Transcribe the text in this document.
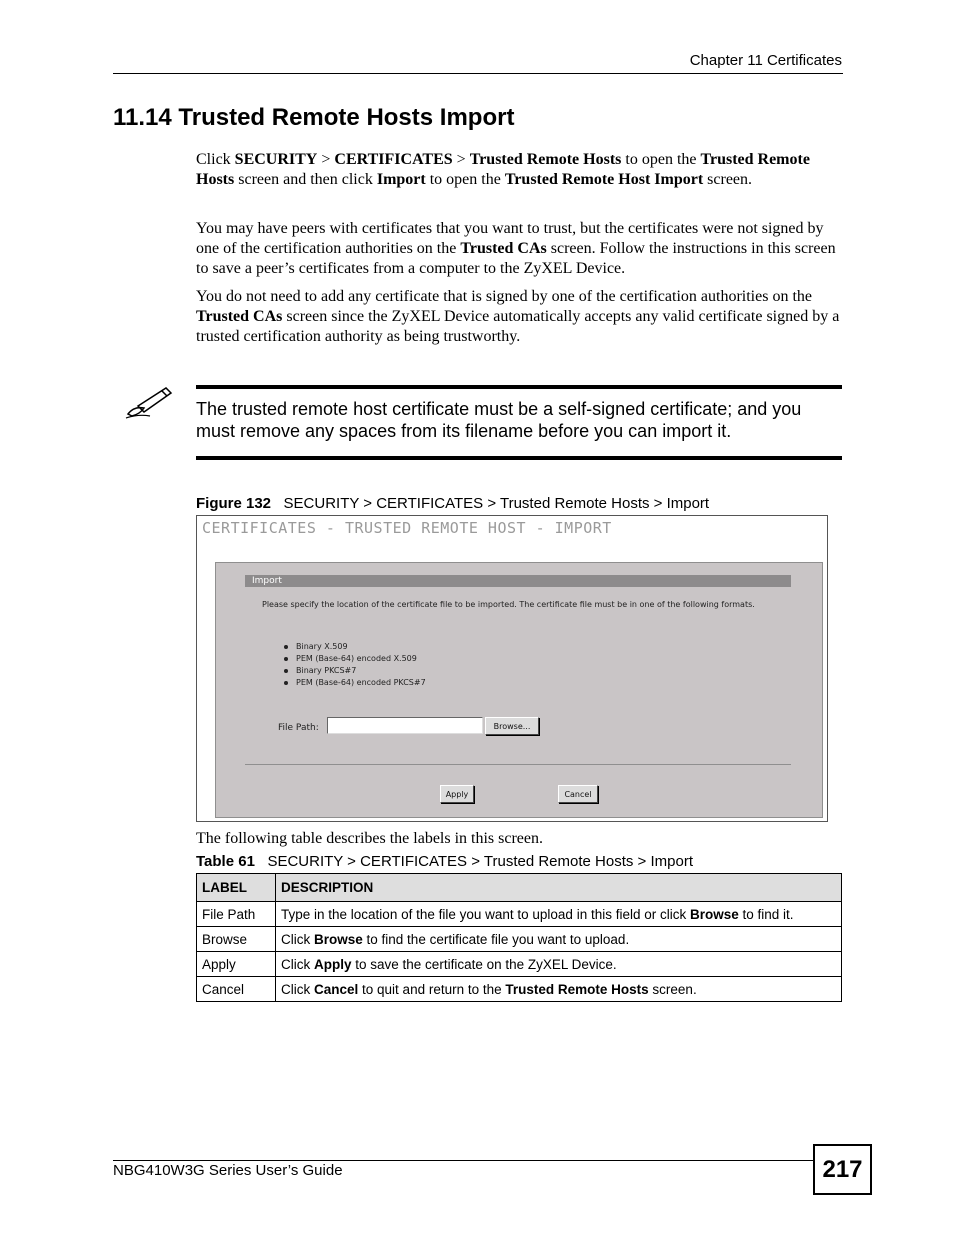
Chapter 11 Certificates
11.14 Trusted Remote Hosts Import

Click SECURITY > CERTIFICATES > Trusted Remote Hosts to open the Trusted Remote Hosts screen and then click Import to open the Trusted Remote Host Import screen.

You may have peers with certificates that you want to trust, but the certificates were not signed by one of the certification authorities on the Trusted CAs screen. Follow the instructions in this screen to save a peer’s certificates from a computer to the ZyXEL Device.

You do not need to add any certificate that is signed by one of the certification authorities on the Trusted CAs screen since the ZyXEL Device automatically accepts any valid certificate signed by a trusted certification authority as being trustworthy.

The trusted remote host certificate must be a self-signed certificate; and you must remove any spaces from its filename before you can import it.

Figure 132 SECURITY > CERTIFICATES > Trusted Remote Hosts > Import

CERTIFICATES - TRUSTED REMOTE HOST - IMPORT
Import

Please specify the location of the certificate file to be imported. The certificate file must be in one of the following formats.

Binary X.509
PEM (Base-64) encoded X.509
Binary PKCS#7
PEM (Base-64) encoded PKCS#7
File Path:	Browse...
Apply	Cancel

The following table describes the labels in this screen.

Table 61 SECURITY > CERTIFICATES > Trusted Remote Hosts > Import

LABEL	DESCRIPTION
File Path	Type in the location of the file you want to upload in this field or click Browse to find it.
Browse	Click Browse to find the certificate file you want to upload.
Apply	Click Apply to save the certificate on the ZyXEL Device.
Cancel	Click Cancel to quit and return to the Trusted Remote Hosts screen.
NBG410W3G Series User’s Guide	217
